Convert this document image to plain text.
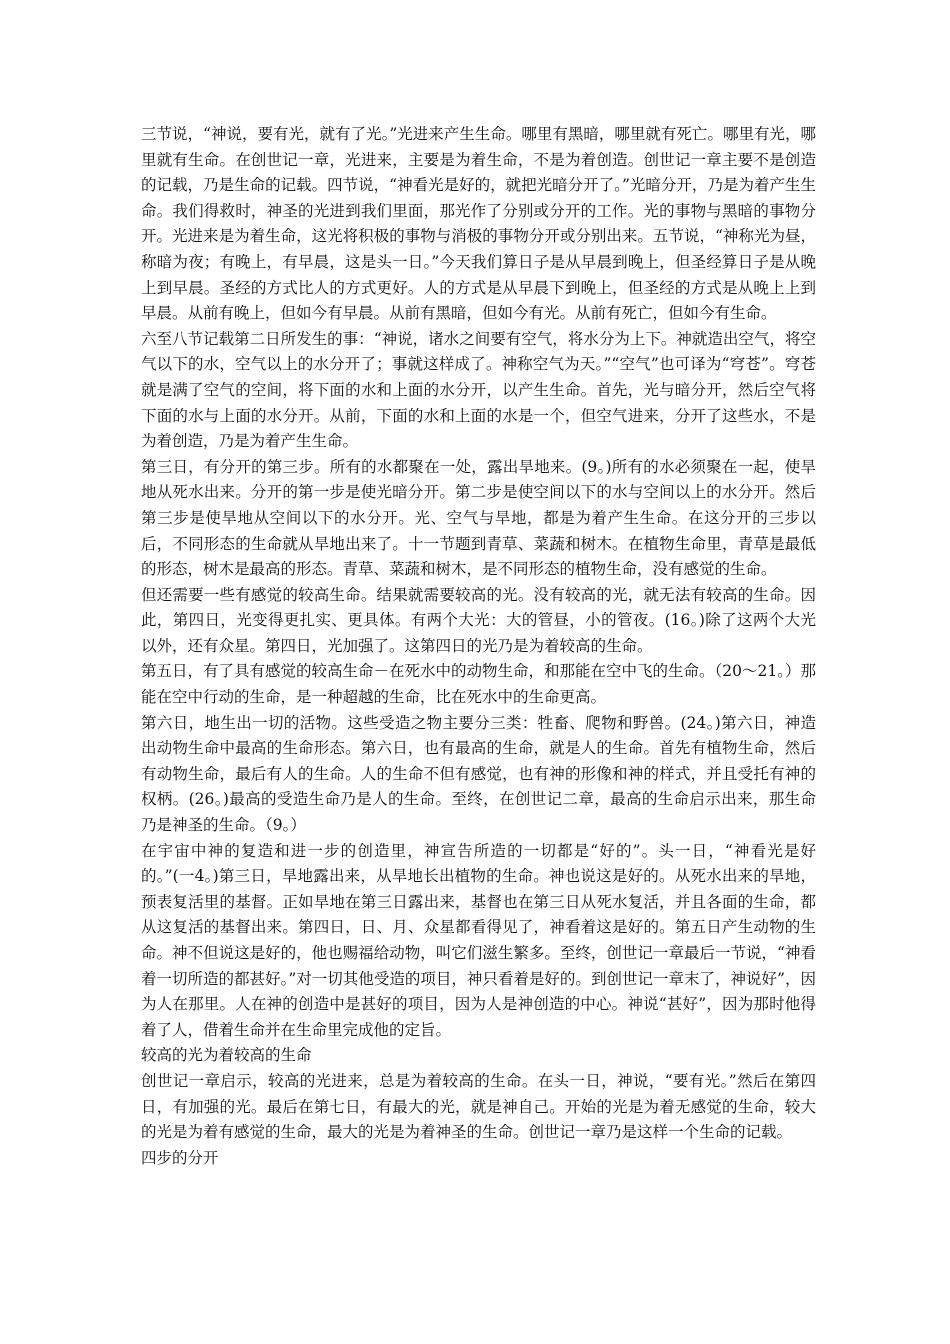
三节说，“神说，要有光，就有了光。”光进来产生生命。哪里有黑暗，哪里就有死亡。哪里有光，哪里就有生命。在创世记一章，光进来，主要是为着生命，不是为着创造。创世记一章主要不是创造的记载，乃是生命的记载。四节说，“神看光是好的，就把光暗分开了。”光暗分开，乃是为着产生生命。我们得救时，神圣的光进到我们里面，那光作了分别或分开的工作。光的事物与黑暗的事物分开。光进来是为着生命，这光将积极的事物与消极的事物分开或分别出来。五节说，“神称光为昼，称暗为夜；有晚上，有早晨，这是头一日。”今天我们算日子是从早晨到晚上，但圣经算日子是从晚上到早晨。圣经的方式比人的方式更好。人的方式是从早晨下到晚上，但圣经的方式是从晚上上到早晨。从前有晚上，但如今有早晨。从前有黑暗，但如今有光。从前有死亡，但如今有生命。

六至八节记载第二日所发生的事：“神说，诸水之间要有空气，将水分为上下。神就造出空气，将空气以下的水，空气以上的水分开了；事就这样成了。神称空气为天。”“空气”也可译为“穹苍”。穹苍就是满了空气的空间，将下面的水和上面的水分开，以产生生命。首先，光与暗分开，然后空气将下面的水与上面的水分开。从前，下面的水和上面的水是一个，但空气进来，分开了这些水，不是为着创造，乃是为着产生生命。

第三日，有分开的第三步。所有的水都聚在一处，露出旱地来。(9。)所有的水必须聚在一起，使旱地从死水出来。分开的第一步是使光暗分开。第二步是使空间以下的水与空间以上的水分开。然后第三步是使旱地从空间以下的水分开。光、空气与旱地，都是为着产生生命。在这分开的三步以后，不同形态的生命就从旱地出来了。十一节题到青草、菜蔬和树木。在植物生命里，青草是最低的形态，树木是最高的形态。青草、菜蔬和树木，是不同形态的植物生命，没有感觉的生命。

但还需要一些有感觉的较高生命。结果就需要较高的光。没有较高的光，就无法有较高的生命。因此，第四日，光变得更扎实、更具体。有两个大光：大的管昼，小的管夜。(16。)除了这两个大光以外，还有众星。第四日，光加强了。这第四日的光乃是为着较高的生命。

第五日，有了具有感觉的较高生命－在死水中的动物生命，和那能在空中飞的生命。（20～21。）那能在空中行动的生命，是一种超越的生命，比在死水中的生命更高。

第六日，地生出一切的活物。这些受造之物主要分三类：牲畜、爬物和野兽。(24。)第六日，神造出动物生命中最高的生命形态。第六日，也有最高的生命，就是人的生命。首先有植物生命，然后有动物生命，最后有人的生命。人的生命不但有感觉，也有神的形像和神的样式，并且受托有神的权柄。(26。)最高的受造生命乃是人的生命。至终，在创世记二章，最高的生命启示出来，那生命乃是神圣的生命。（9。）

在宇宙中神的复造和进一步的创造里，神宣告所造的一切都是“好的”。头一日，“神看光是好的。”(一4。)第三日，旱地露出来，从旱地长出植物的生命。神也说这是好的。从死水出来的旱地，预表复活里的基督。正如旱地在第三日露出来，基督也在第三日从死水复活，并且各面的生命，都从这复活的基督出来。第四日，日、月、众星都看得见了，神看着这是好的。第五日产生动物的生命。神不但说这是好的，他也赐福给动物，叫它们滋生繁多。至终，创世记一章最后一节说，“神看着一切所造的都甚好。”对一切其他受造的项目，神只看着是好的。到创世记一章末了，神说好”，因为人在那里。人在神的创造中是甚好的项目，因为人是神创造的中心。神说“甚好”，因为那时他得着了人，借着生命并在生命里完成他的定旨。

较高的光为着较高的生命

创世记一章启示，较高的光进来，总是为着较高的生命。在头一日，神说，“要有光。”然后在第四日，有加强的光。最后在第七日，有最大的光，就是神自己。开始的光是为着无感觉的生命，较大的光是为着有感觉的生命，最大的光是为着神圣的生命。创世记一章乃是这样一个生命的记载。

四步的分开
